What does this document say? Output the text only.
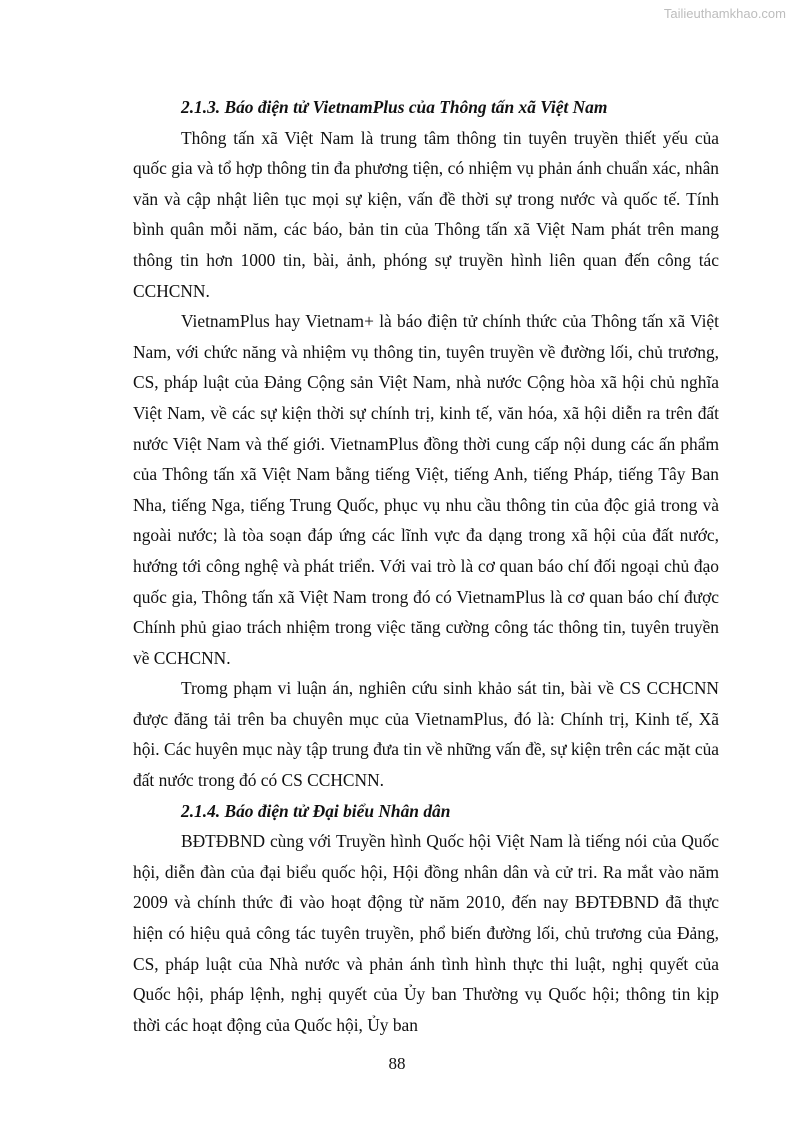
Tailieuthamkhao.com

2.1.3. Báo điện tử VietnamPlus của Thông tấn xã Việt Nam

Thông tấn xã Việt Nam là trung tâm thông tin tuyên truyền thiết yếu của quốc gia và tổ hợp thông tin đa phương tiện, có nhiệm vụ phản ánh chuẩn xác, nhân văn và cập nhật liên tục mọi sự kiện, vấn đề thời sự trong nước và quốc tế. Tính bình quân mỗi năm, các báo, bản tin của Thông tấn xã Việt Nam phát trên mang thông tin hơn 1000 tin, bài, ảnh, phóng sự truyền hình liên quan đến công tác CCHCNN.

VietnamPlus hay Vietnam+ là báo điện tử chính thức của Thông tấn xã Việt Nam, với chức năng và nhiệm vụ thông tin, tuyên truyền về đường lối, chủ trương, CS, pháp luật của Đảng Cộng sản Việt Nam, nhà nước Cộng hòa xã hội chủ nghĩa Việt Nam, về các sự kiện thời sự chính trị, kinh tế, văn hóa, xã hội diễn ra trên đất nước Việt Nam và thế giới. VietnamPlus đồng thời cung cấp nội dung các ấn phẩm của Thông tấn xã Việt Nam bằng tiếng Việt, tiếng Anh, tiếng Pháp, tiếng Tây Ban Nha, tiếng Nga, tiếng Trung Quốc, phục vụ nhu cầu thông tin của độc giả trong và ngoài nước; là tòa soạn đáp ứng các lĩnh vực đa dạng trong xã hội của đất nước, hướng tới công nghệ và phát triển. Với vai trò là cơ quan báo chí đối ngoại chủ đạo quốc gia, Thông tấn xã Việt Nam trong đó có VietnamPlus là cơ quan báo chí được Chính phủ giao trách nhiệm trong việc tăng cường công tác thông tin, tuyên truyền về CCHCNN.

Tromg phạm vi luận án, nghiên cứu sinh khảo sát tin, bài về CS CCHCNN được đăng tải trên ba chuyên mục của VietnamPlus, đó là: Chính trị, Kinh tế, Xã hội. Các huyên mục này tập trung đưa tin về những vấn đề, sự kiện trên các mặt của đất nước trong đó có CS CCHCNN.

2.1.4. Báo điện tử Đại biểu Nhân dân

BĐTĐBND cùng với Truyền hình Quốc hội Việt Nam là tiếng nói của Quốc hội, diễn đàn của đại biểu quốc hội, Hội đồng nhân dân và cử tri. Ra mắt vào năm 2009 và chính thức đi vào hoạt động từ năm 2010, đến nay BĐTĐBND đã thực hiện có hiệu quả công tác tuyên truyền, phổ biến đường lối, chủ trương của Đảng, CS, pháp luật của Nhà nước và phản ánh tình hình thực thi luật, nghị quyết của Quốc hội, pháp lệnh, nghị quyết của Ủy ban Thường vụ Quốc hội; thông tin kịp thời các hoạt động của Quốc hội, Ủy ban

88
